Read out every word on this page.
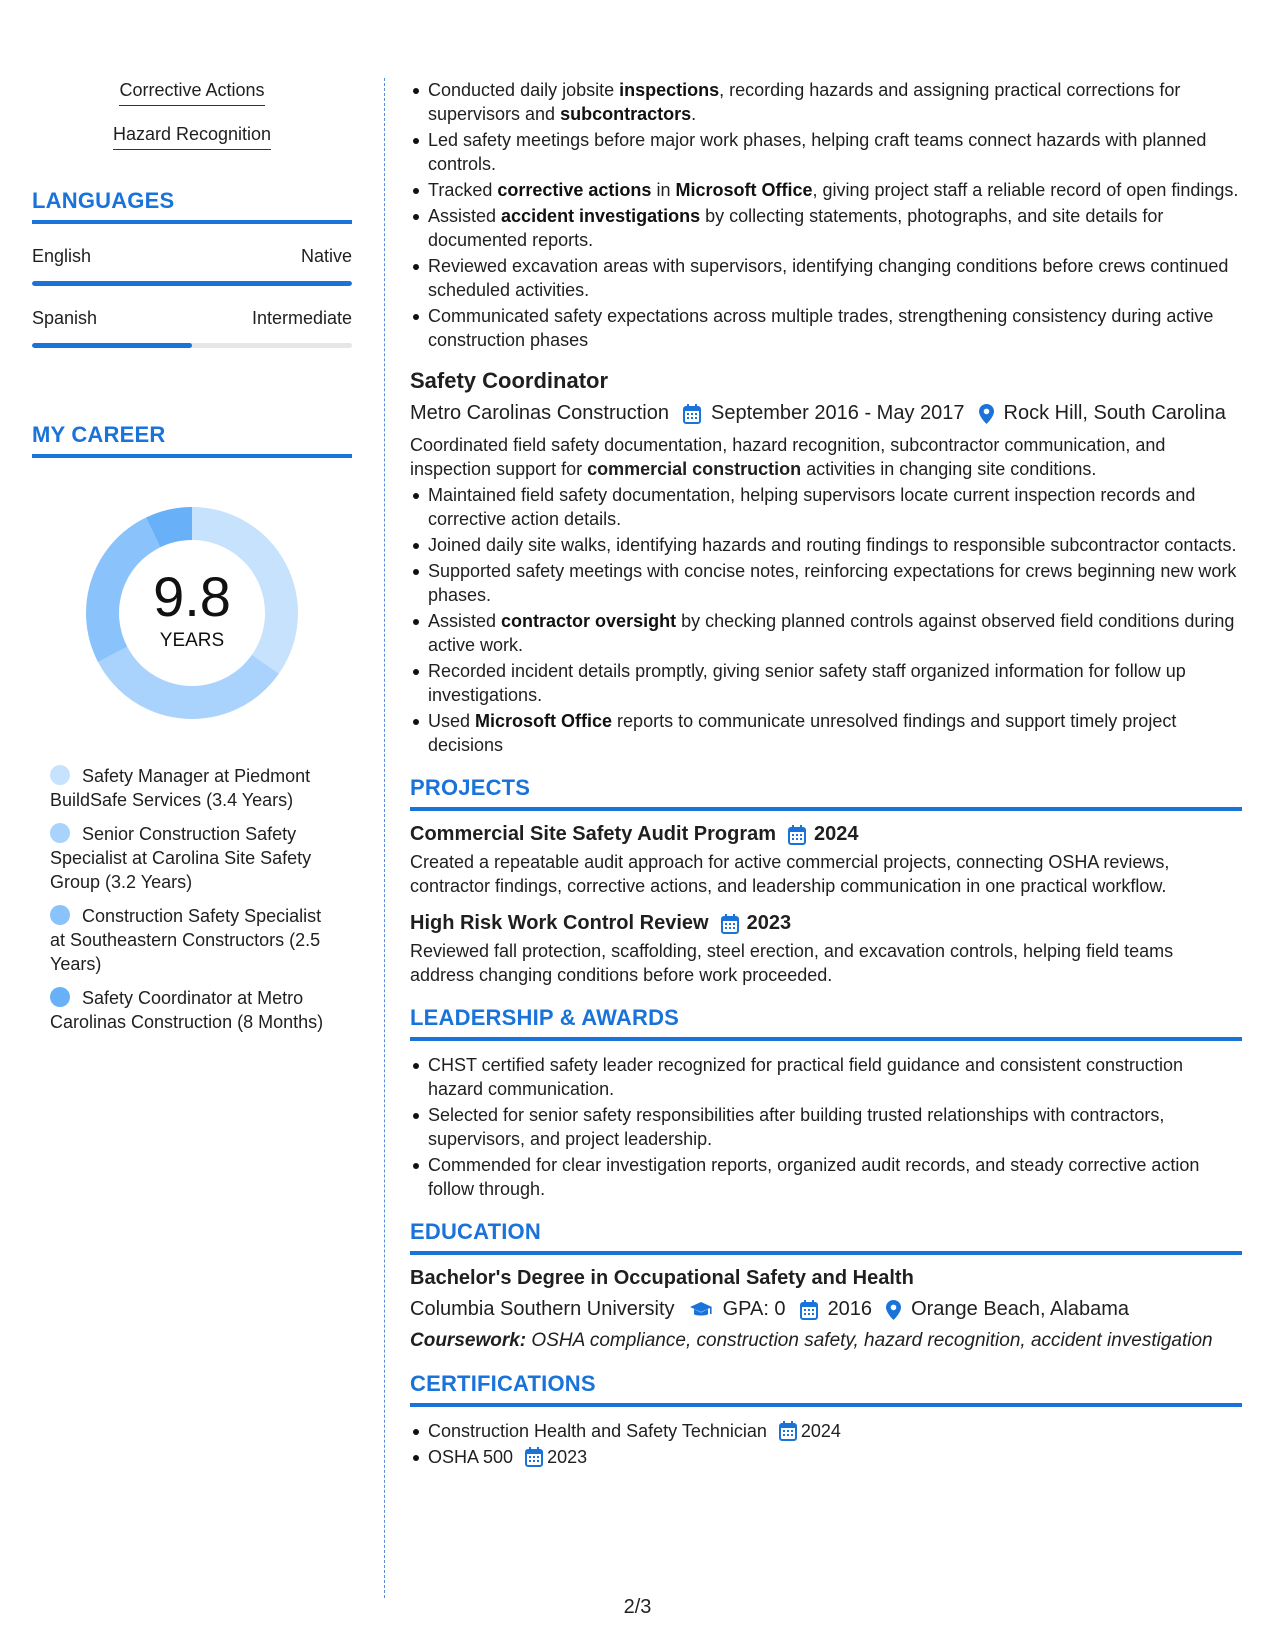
Corrective Actions
Hazard Recognition
LANGUAGES
English	Native
Spanish	Intermediate
MY CAREER
9.8
YEARS
Safety Manager at Piedmont BuildSafe Services (3.4 Years)
Senior Construction Safety Specialist at Carolina Site Safety Group (3.2 Years)
Construction Safety Specialist at Southeastern Constructors (2.5 Years)
Safety Coordinator at Metro Carolinas Construction (8 Months)
Conducted daily jobsite inspections, recording hazards and assigning practical corrections for supervisors and subcontractors.
Led safety meetings before major work phases, helping craft teams connect hazards with planned controls.
Tracked corrective actions in Microsoft Office, giving project staff a reliable record of open findings.
Assisted accident investigations by collecting statements, photographs, and site details for documented reports.
Reviewed excavation areas with supervisors, identifying changing conditions before crews continued scheduled activities.
Communicated safety expectations across multiple trades, strengthening consistency during active construction phases
Safety Coordinator
Metro Carolinas Construction September 2016 - May 2017 Rock Hill, South Carolina
Coordinated field safety documentation, hazard recognition, subcontractor communication, and inspection support for commercial construction activities in changing site conditions.
Maintained field safety documentation, helping supervisors locate current inspection records and corrective action details.
Joined daily site walks, identifying hazards and routing findings to responsible subcontractor contacts.
Supported safety meetings with concise notes, reinforcing expectations for crews beginning new work phases.
Assisted contractor oversight by checking planned controls against observed field conditions during active work.
Recorded incident details promptly, giving senior safety staff organized information for follow up investigations.
Used Microsoft Office reports to communicate unresolved findings and support timely project decisions
PROJECTS
Commercial Site Safety Audit Program 2024
Created a repeatable audit approach for active commercial projects, connecting OSHA reviews, contractor findings, corrective actions, and leadership communication in one practical workflow.
High Risk Work Control Review 2023
Reviewed fall protection, scaffolding, steel erection, and excavation controls, helping field teams address changing conditions before work proceeded.
LEADERSHIP & AWARDS
CHST certified safety leader recognized for practical field guidance and consistent construction hazard communication.
Selected for senior safety responsibilities after building trusted relationships with contractors, supervisors, and project leadership.
Commended for clear investigation reports, organized audit records, and steady corrective action follow through.
EDUCATION
Bachelor's Degree in Occupational Safety and Health
Columbia Southern University GPA: 0 2016 Orange Beach, Alabama
Coursework: OSHA compliance, construction safety, hazard recognition, accident investigation
CERTIFICATIONS
Construction Health and Safety Technician 2024
OSHA 500 2023
2/3
